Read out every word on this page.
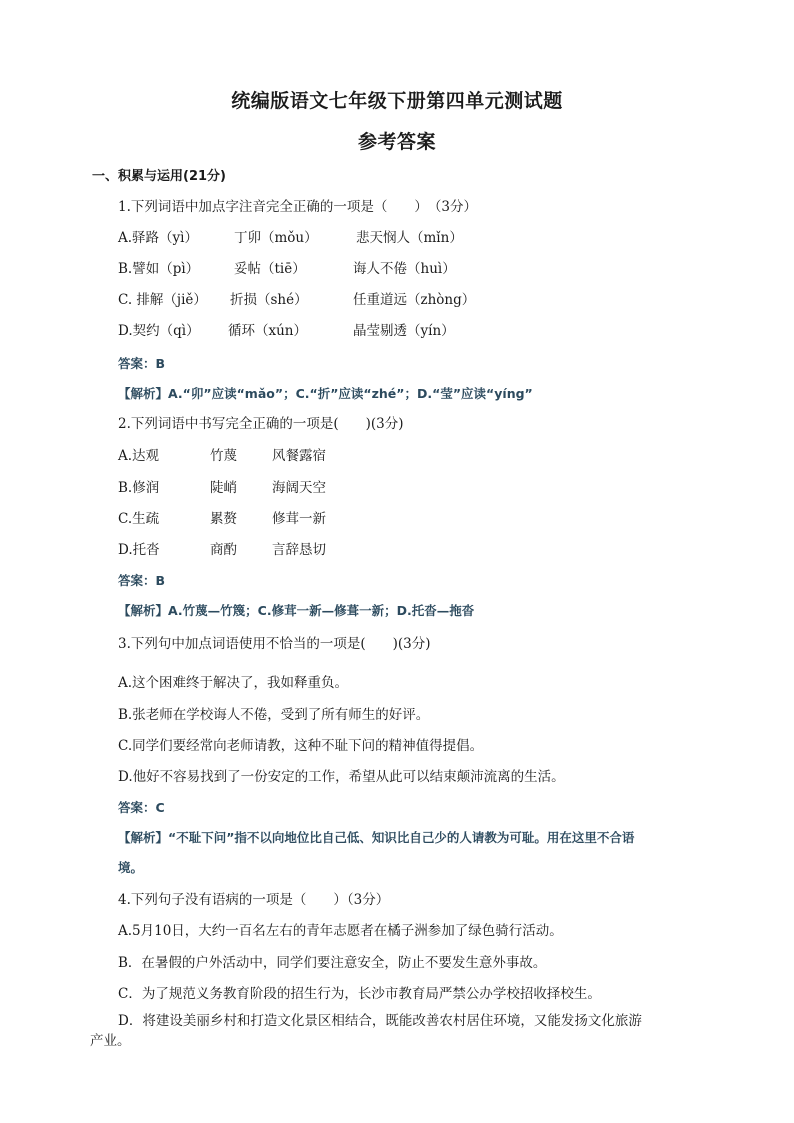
统编版语文七年级下册第四单元测试题
参考答案
一、积累与运用(21分)
1.下列词语中加点字注音完全正确的一项是（　　）　（3分）
A.驿路（yì）	丁卯（mǒu）	悲天悯人（mǐn）
B.譬如（pì）	妥帖（tiē）	诲人不倦（huì）
C. 排解（jiě） 折损（shé）	任重道远（zhòng）
D.契约（qì） 循环（xún）	晶莹剔透（yín）
答案：B
【解析】A.“卯”应读“mǎo”；C.“折”应读“zhé”；D.“莹”应读“yíng”
2.下列词语中书写完全正确的一项是(　　)(3分)
A.达观	竹蔑	风餐露宿
B.修润	陡峭	海阔天空
C.生疏	累赘	修茸一新
D.托沓	商酌	言辞恳切
答案：B
【解析】A.竹蔑—竹篾；C.修茸一新—修葺一新；D.托沓—拖沓
3.下列句中加点词语使用不恰当的一项是(　　)(3分)
A.这个困难终于解决了，我如释重负。
B.张老师在学校诲人不倦，受到了所有师生的好评。
C.同学们要经常向老师请教，这种不耻下问的精神值得提倡。
D.他好不容易找到了一份安定的工作，希望从此可以结束颠沛流离的生活。
答案：C
【解析】“不耻下问”指不以向地位比自己低、知识比自己少的人请教为可耻。用在这里不合语
境。
4.下列句子没有语病的一项是（　　）（3分）
A.5月10日，大约一百名左右的青年志愿者在橘子洲参加了绿色骑行活动。
B．在暑假的户外活动中，同学们要注意安全，防止不要发生意外事故。
C．为了规范义务教育阶段的招生行为，长沙市教育局严禁公办学校招收择校生。
D．将建设美丽乡村和打造文化景区相结合，既能改善农村居住环境，又能发扬文化旅游
产业。
